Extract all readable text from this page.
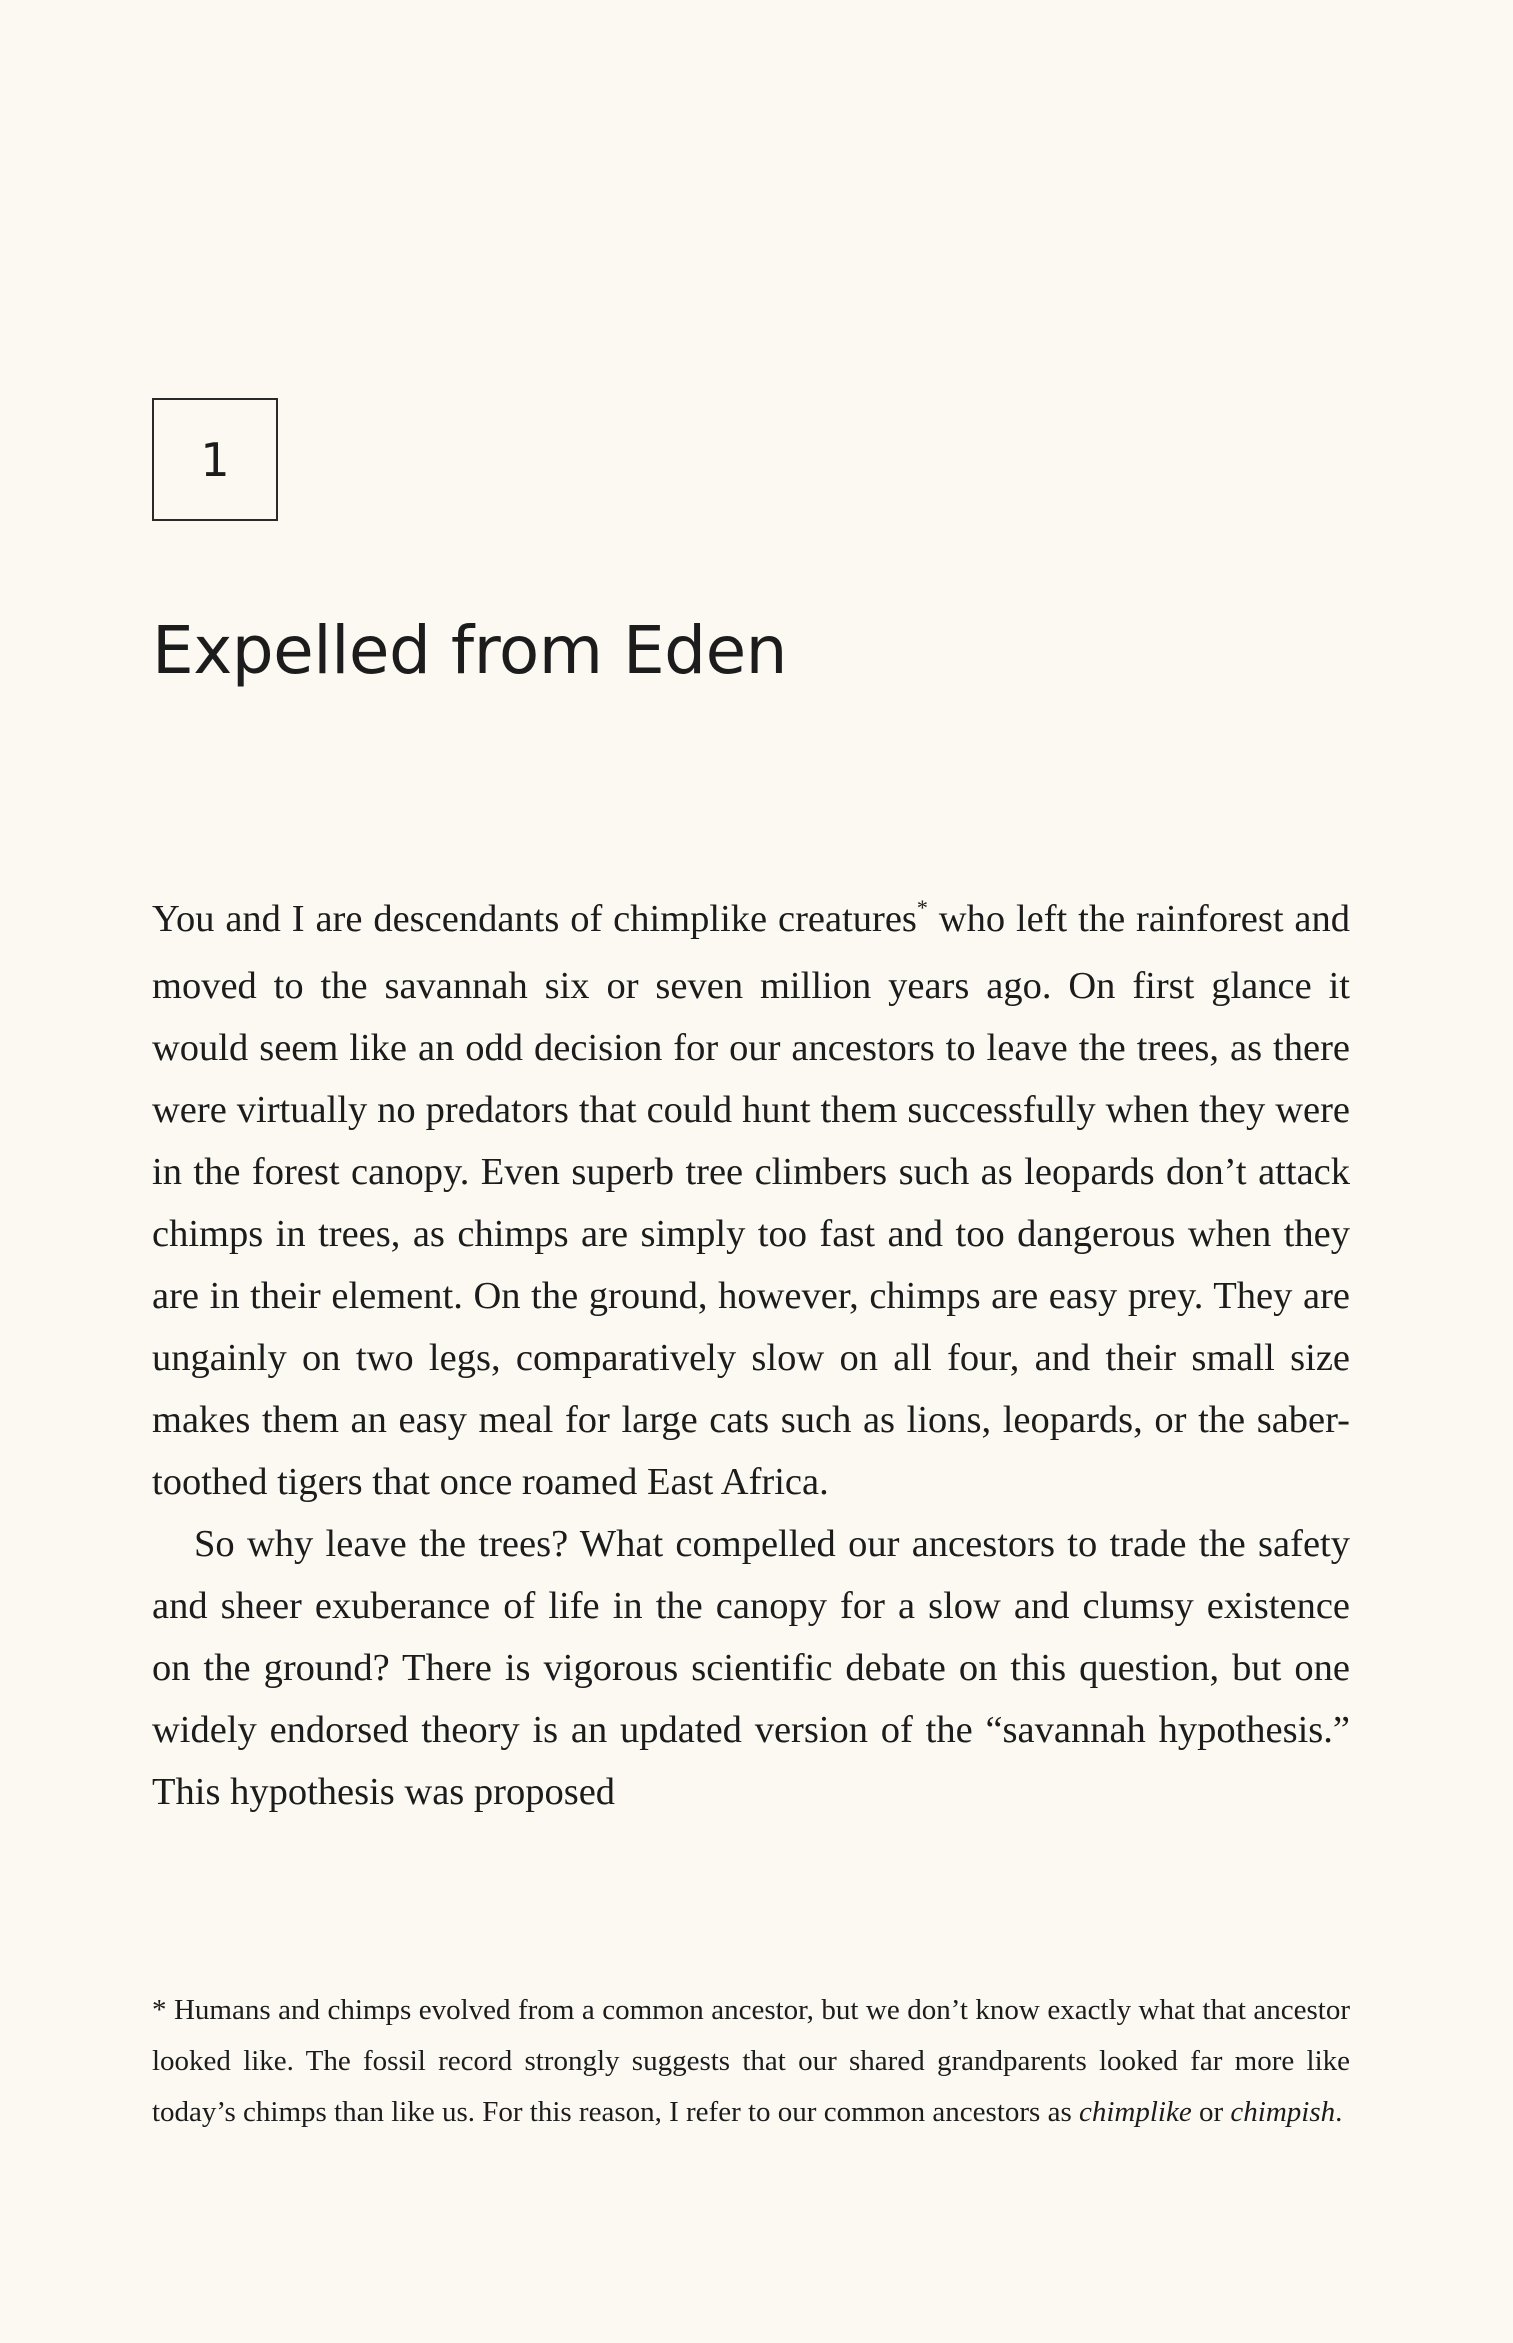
1
Expelled from Eden

You and I are descendants of chimplike creatures* who left the rainforest and moved to the savannah six or seven million years ago. On first glance it would seem like an odd decision for our ancestors to leave the trees, as there were virtually no predators that could hunt them successfully when they were in the forest canopy. Even superb tree climbers such as leopards don’t attack chimps in trees, as chimps are simply too fast and too dangerous when they are in their element. On the ground, however, chimps are easy prey. They are ungainly on two legs, comparatively slow on all four, and their small size makes them an easy meal for large cats such as lions, leopards, or the saber-toothed tigers that once roamed East Africa.

So why leave the trees? What compelled our ancestors to trade the safety and sheer exuberance of life in the canopy for a slow and clumsy existence on the ground? There is vigorous scientific debate on this question, but one widely endorsed theory is an updated version of the “savannah hypothesis.” This hypothesis was proposed

* Humans and chimps evolved from a common ancestor, but we don’t know exactly what that ancestor looked like. The fossil record strongly suggests that our shared grandparents looked far more like today’s chimps than like us. For this reason, I refer to our common ancestors as chimplike or chimpish.
